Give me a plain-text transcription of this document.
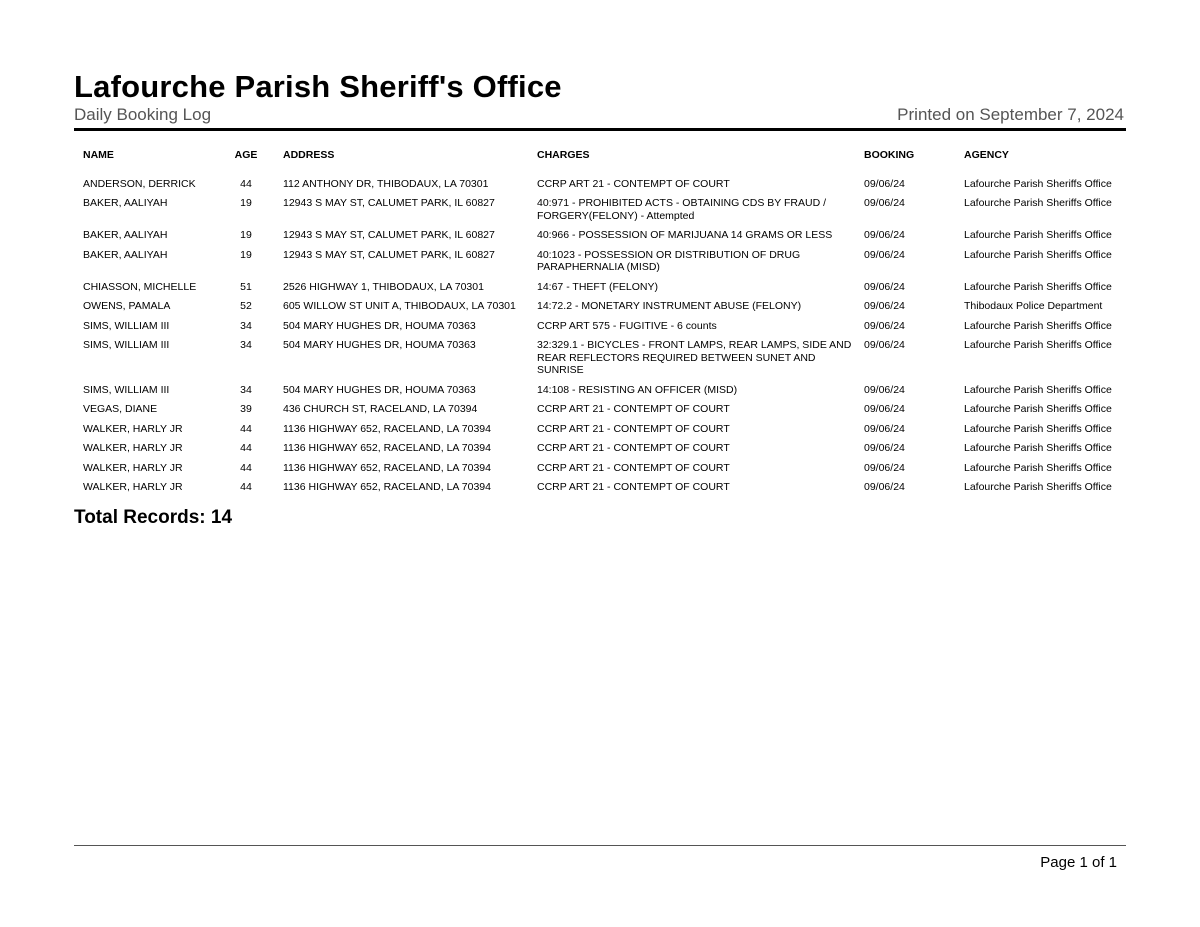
Lafourche Parish Sheriff's Office
Daily Booking Log	Printed on September 7, 2024
NAME	AGE		ADDRESS	CHARGES	BOOKING	AGENCY
ANDERSON, DERRICK	44		112 ANTHONY DR, THIBODAUX, LA 70301	CCRP ART 21 - CONTEMPT OF COURT	09/06/24	Lafourche Parish Sheriffs Office
BAKER, AALIYAH	19		12943 S MAY ST, CALUMET PARK, IL 60827	40:971 - PROHIBITED ACTS - OBTAINING CDS BY FRAUD / FORGERY(FELONY) - Attempted	09/06/24	Lafourche Parish Sheriffs Office
BAKER, AALIYAH	19		12943 S MAY ST, CALUMET PARK, IL 60827	40:966 - POSSESSION OF MARIJUANA 14 GRAMS OR LESS	09/06/24	Lafourche Parish Sheriffs Office
BAKER, AALIYAH	19		12943 S MAY ST, CALUMET PARK, IL 60827	40:1023 - POSSESSION OR DISTRIBUTION OF DRUG PARAPHERNALIA (MISD)	09/06/24	Lafourche Parish Sheriffs Office
CHIASSON, MICHELLE	51		2526 HIGHWAY 1, THIBODAUX, LA 70301	14:67 - THEFT (FELONY)	09/06/24	Lafourche Parish Sheriffs Office
OWENS, PAMALA	52		605 WILLOW ST UNIT A, THIBODAUX, LA 70301	14:72.2 - MONETARY INSTRUMENT ABUSE (FELONY)	09/06/24	Thibodaux Police Department
SIMS, WILLIAM III	34		504 MARY HUGHES DR, HOUMA 70363	CCRP ART 575 - FUGITIVE - 6 counts	09/06/24	Lafourche Parish Sheriffs Office
SIMS, WILLIAM III	34		504 MARY HUGHES DR, HOUMA 70363	32:329.1 - BICYCLES - FRONT LAMPS, REAR LAMPS, SIDE AND REAR REFLECTORS REQUIRED BETWEEN SUNET AND SUNRISE	09/06/24	Lafourche Parish Sheriffs Office
SIMS, WILLIAM III	34		504 MARY HUGHES DR, HOUMA 70363	14:108 - RESISTING AN OFFICER (MISD)	09/06/24	Lafourche Parish Sheriffs Office
VEGAS, DIANE	39		436 CHURCH ST, RACELAND, LA 70394	CCRP ART 21 - CONTEMPT OF COURT	09/06/24	Lafourche Parish Sheriffs Office
WALKER, HARLY JR	44		1136 HIGHWAY 652, RACELAND, LA 70394	CCRP ART 21 - CONTEMPT OF COURT	09/06/24	Lafourche Parish Sheriffs Office
WALKER, HARLY JR	44		1136 HIGHWAY 652, RACELAND, LA 70394	CCRP ART 21 - CONTEMPT OF COURT	09/06/24	Lafourche Parish Sheriffs Office
WALKER, HARLY JR	44		1136 HIGHWAY 652, RACELAND, LA 70394	CCRP ART 21 - CONTEMPT OF COURT	09/06/24	Lafourche Parish Sheriffs Office
WALKER, HARLY JR	44		1136 HIGHWAY 652, RACELAND, LA 70394	CCRP ART 21 - CONTEMPT OF COURT	09/06/24	Lafourche Parish Sheriffs Office
Total Records: 14
Page 1 of 1
